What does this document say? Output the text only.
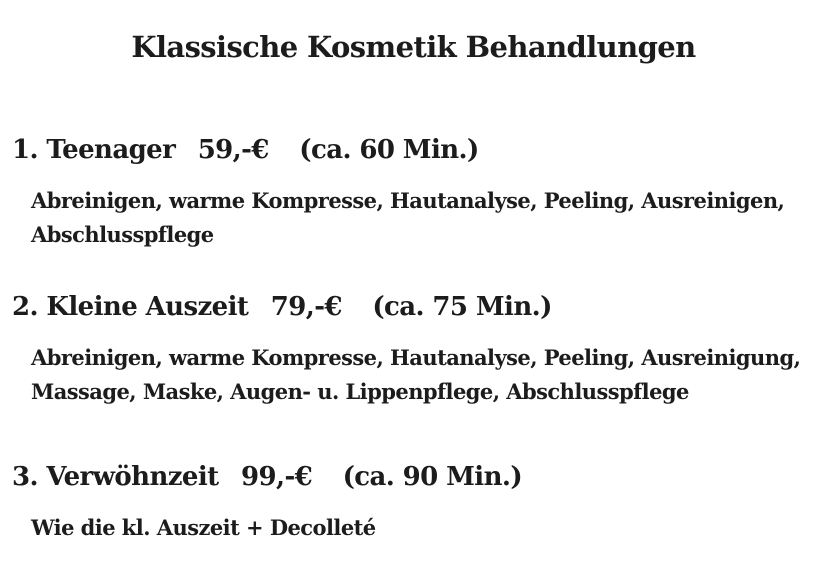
Klassische Kosmetik Behandlungen
1. Teenager 59,-€ (ca. 60 Min.)
Abreinigen, warme Kompresse, Hautanalyse, Peeling, Ausreinigen,
Abschlusspflege
2. Kleine Auszeit 79,-€ (ca. 75 Min.)
Abreinigen, warme Kompresse, Hautanalyse, Peeling, Ausreinigung,
Massage, Maske, Augen- u. Lippenpflege, Abschlusspflege
3. Verwöhnzeit 99,-€ (ca. 90 Min.)
Wie die kl. Auszeit + Decolleté
